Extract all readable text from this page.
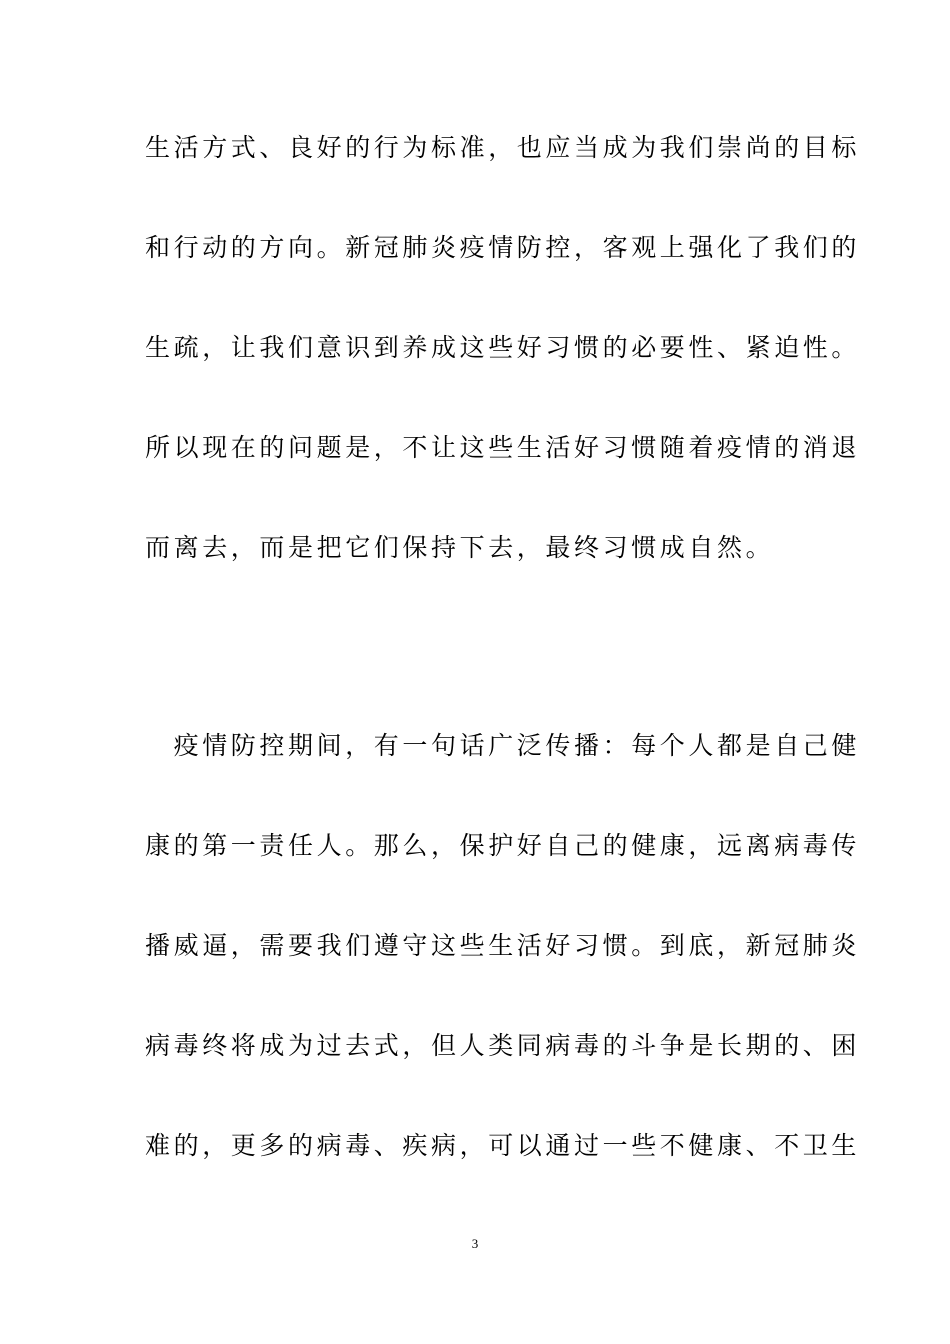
生活方式、良好的行为标准，也应当成为我们崇尚的目标
和行动的方向。新冠肺炎疫情防控，客观上强化了我们的
生疏，让我们意识到养成这些好习惯的必要性、紧迫性。
所以现在的问题是，不让这些生活好习惯随着疫情的消退
而离去，而是把它们保持下去，最终习惯成自然。
　疫情防控期间，有一句话广泛传播：每个人都是自己健
康的第一责任人。那么，保护好自己的健康，远离病毒传
播威逼，需要我们遵守这些生活好习惯。到底，新冠肺炎
病毒终将成为过去式，但人类同病毒的斗争是长期的、困
难的，更多的病毒、疾病，可以通过一些不健康、不卫生
3
